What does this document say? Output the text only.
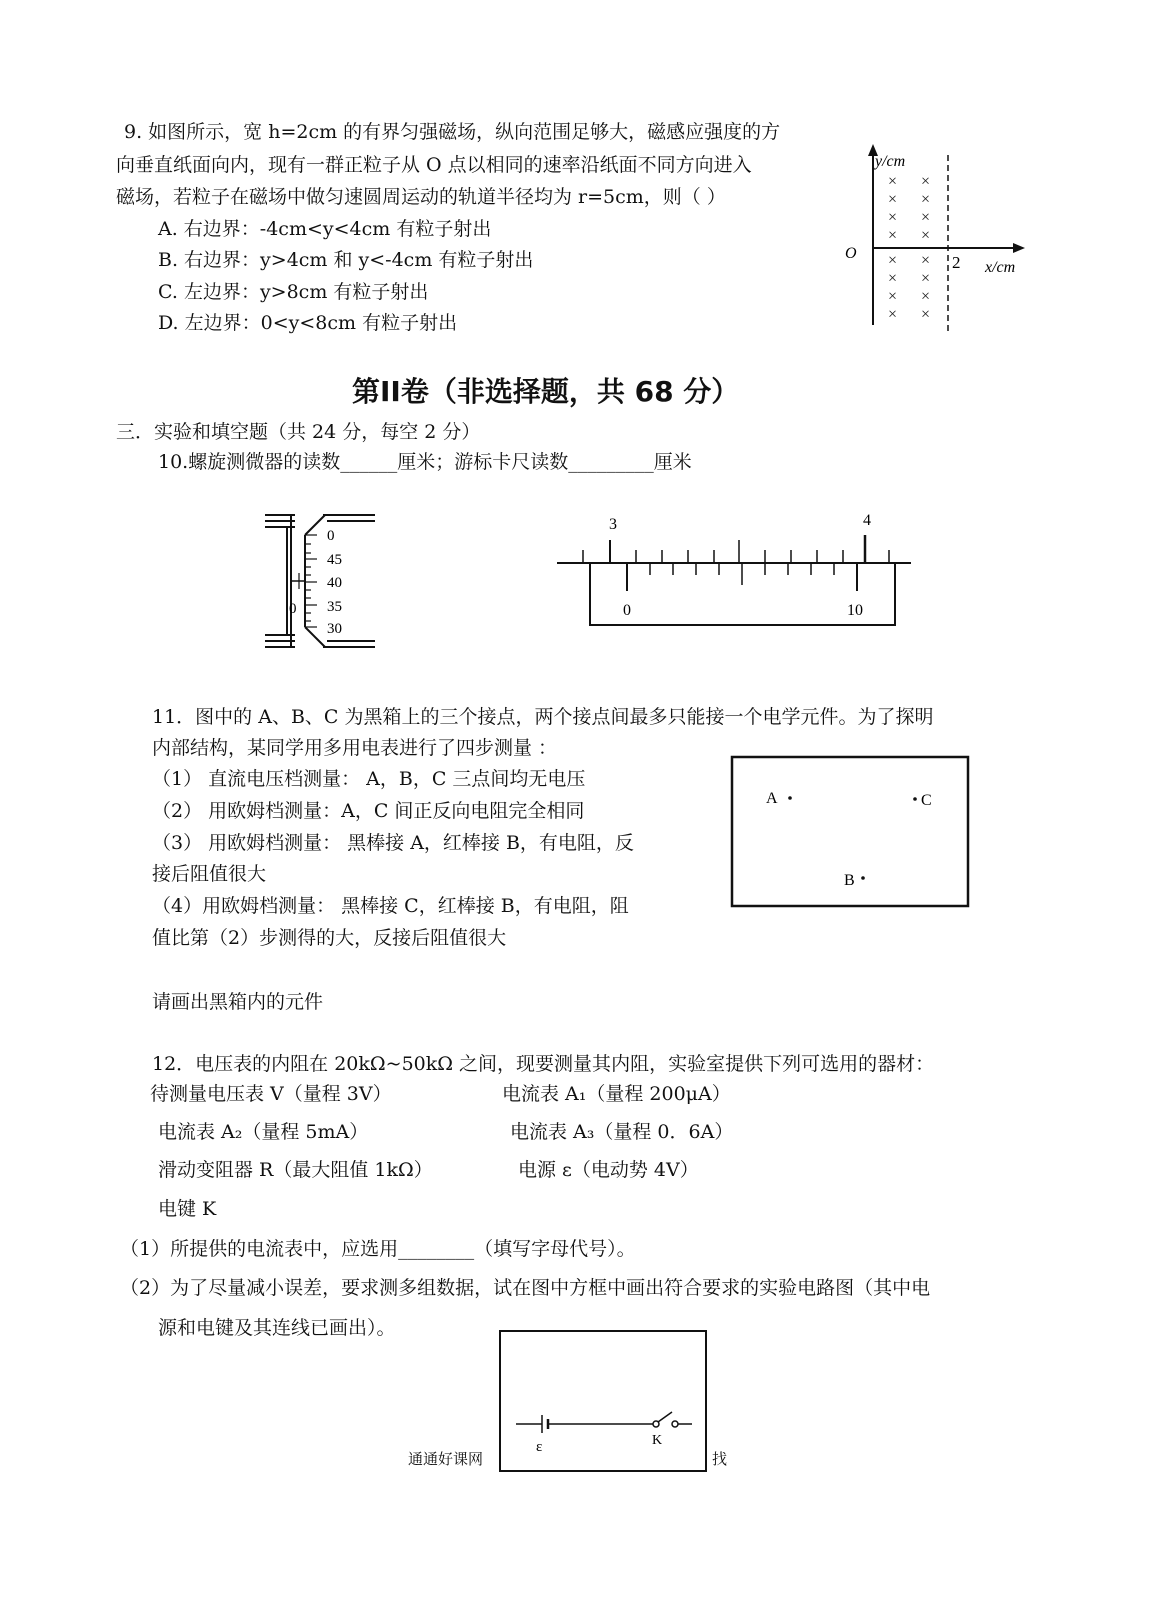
9. 如图所示，宽 h=2cm 的有界匀强磁场，纵向范围足够大，磁感应强度的方
向垂直纸面向内，现有一群正粒子从 O 点以相同的速率沿纸面不同方向进入
磁场，若粒子在磁场中做匀速圆周运动的轨道半径均为 r=5cm，则（ ）
A. 右边界：-4cm<y<4cm 有粒子射出
B. 右边界：y>4cm 和 y<-4cm 有粒子射出
C. 左边界：y>8cm 有粒子射出
D. 左边界：0<y<8cm 有粒子射出
y/cm
x/cm
O	2
× ×
× ×
× ×
× ×
× ×
× ×
× ×
× ×
第II卷（非选择题，共 68 分）
三．实验和填空题（共 24 分，每空 2 分）
10.螺旋测微器的读数______厘米；游标卡尺读数_________厘米
0
45
40
35
30
0
3	4
0	10
11．图中的 A、B、C 为黑箱上的三个接点，两个接点间最多只能接一个电学元件。为了探明
内部结构，某同学用多用电表进行了四步测量 ：
（1） 直流电压档测量： A，B，C 三点间均无电压
（2） 用欧姆档测量：A，C 间正反向电阻完全相同
（3） 用欧姆档测量： 黑棒接 A，红棒接 B，有电阻，反
接后阻值很大
（4）用欧姆档测量： 黑棒接 C，红棒接 B，有电阻，阻
值比第（2）步测得的大，反接后阻值很大
请画出黑箱内的元件
A	C
B
12．电压表的内阻在 20kΩ~50kΩ 之间，现要测量其内阻，实验室提供下列可选用的器材：
待测量电压表 V（量程 3V）	电流表 A₁（量程 200μA）
电流表 A₂（量程 5mA）	电流表 A₃（量程 0．6A）
滑动变阻器 R（最大阻值 1kΩ）	电源 ε（电动势 4V）
电键 K
（1）所提供的电流表中，应选用________（填写字母代号）。
（2）为了尽量减小误差，要求测多组数据，试在图中方框中画出符合要求的实验电路图（其中电
源和电键及其连线已画出）。
ε	K
通通好课网	找
